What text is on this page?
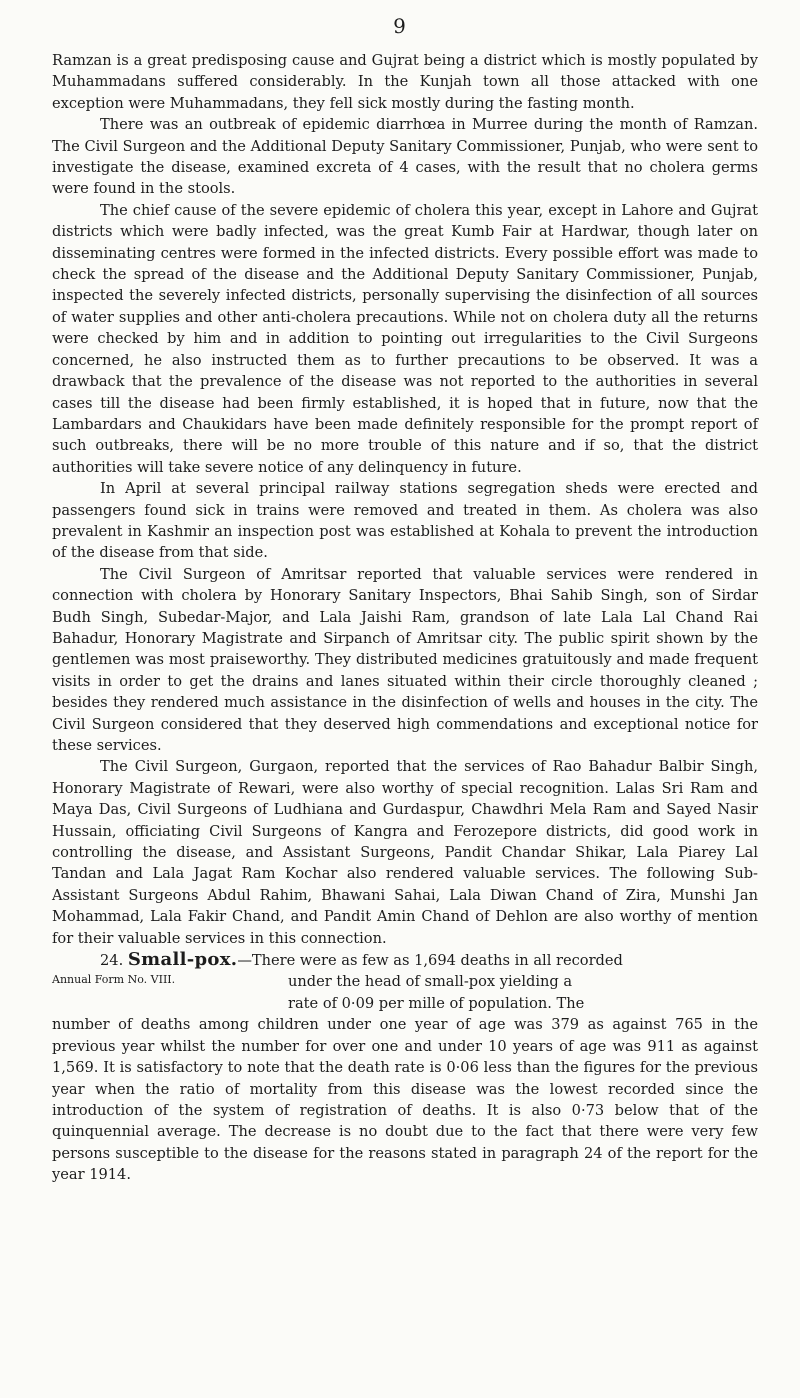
9

Ramzan is a great predisposing cause and Gujrat being a district which is mostly populated by Muhammadans suffered considerably. In the Kunjah town all those attacked with one exception were Muhammadans, they fell sick mostly during the fasting month.

There was an outbreak of epidemic diarrhœa in Murree during the month of Ramzan. The Civil Surgeon and the Additional Deputy Sanitary Commissioner, Punjab, who were sent to investigate the disease, examined excreta of 4 cases, with the result that no cholera germs were found in the stools.

The chief cause of the severe epidemic of cholera this year, except in Lahore and Gujrat districts which were badly infected, was the great Kumb Fair at Hardwar, though later on disseminating centres were formed in the infected districts. Every possible effort was made to check the spread of the disease and the Additional Deputy Sanitary Commissioner, Punjab, inspected the severely infected districts, personally supervising the disinfection of all sources of water supplies and other anti-cholera precautions. While not on cholera duty all the returns were checked by him and in addition to pointing out irregularities to the Civil Surgeons concerned, he also instructed them as to further precautions to be observed. It was a drawback that the prevalence of the disease was not reported to the authorities in several cases till the disease had been firmly established, it is hoped that in future, now that the Lambardars and Chaukidars have been made definitely responsible for the prompt report of such outbreaks, there will be no more trouble of this nature and if so, that the district authorities will take severe notice of any delinquency in future.

In April at several principal railway stations segregation sheds were erected and passengers found sick in trains were removed and treated in them. As cholera was also prevalent in Kashmir an inspection post was established at Kohala to prevent the introduction of the disease from that side.

The Civil Surgeon of Amritsar reported that valuable services were rendered in connection with cholera by Honorary Sanitary Inspectors, Bhai Sahib Singh, son of Sirdar Budh Singh, Subedar-Major, and Lala Jaishi Ram, grandson of late Lala Lal Chand Rai Bahadur, Honorary Magistrate and Sirpanch of Amritsar city. The public spirit shown by the gentlemen was most praiseworthy. They distributed medicines gratuitously and made frequent visits in order to get the drains and lanes situated within their circle thoroughly cleaned ; besides they rendered much assistance in the disinfection of wells and houses in the city. The Civil Surgeon considered that they deserved high commendations and exceptional notice for these services.

The Civil Surgeon, Gurgaon, reported that the services of Rao Bahadur Balbir Singh, Honorary Magistrate of Rewari, were also worthy of special recognition. Lalas Sri Ram and Maya Das, Civil Surgeons of Ludhiana and Gurdaspur, Chawdhri Mela Ram and Sayed Nasir Hussain, officiating Civil Surgeons of Kangra and Ferozepore districts, did good work in controlling the disease, and Assistant Surgeons, Pandit Chandar Shikar, Lala Piarey Lal Tandan and Lala Jagat Ram Kochar also rendered valuable services. The following Sub-Assistant Surgeons Abdul Rahim, Bhawani Sahai, Lala Diwan Chand of Zira, Munshi Jan Mohammad, Lala Fakir Chand, and Pandit Amin Chand of Dehlon are also worthy of mention for their valuable services in this connection.

24. Small-pox.—There were as few as 1,694 deaths in all recorded
Annual Form No. VIII.	under the head of small-pox yielding a
rate of 0·09 per mille of population. The
number of deaths among children under one year of age was 379 as against 765 in the previous year whilst the number for over one and under 10 years of age was 911 as against 1,569. It is satisfactory to note that the death rate is 0·06 less than the figures for the previous year when the ratio of mortality from this disease was the lowest recorded since the introduction of the system of registration of deaths. It is also 0·73 below that of the quinquennial average. The decrease is no doubt due to the fact that there were very few persons susceptible to the disease for the reasons stated in paragraph 24 of the report for the year 1914.
